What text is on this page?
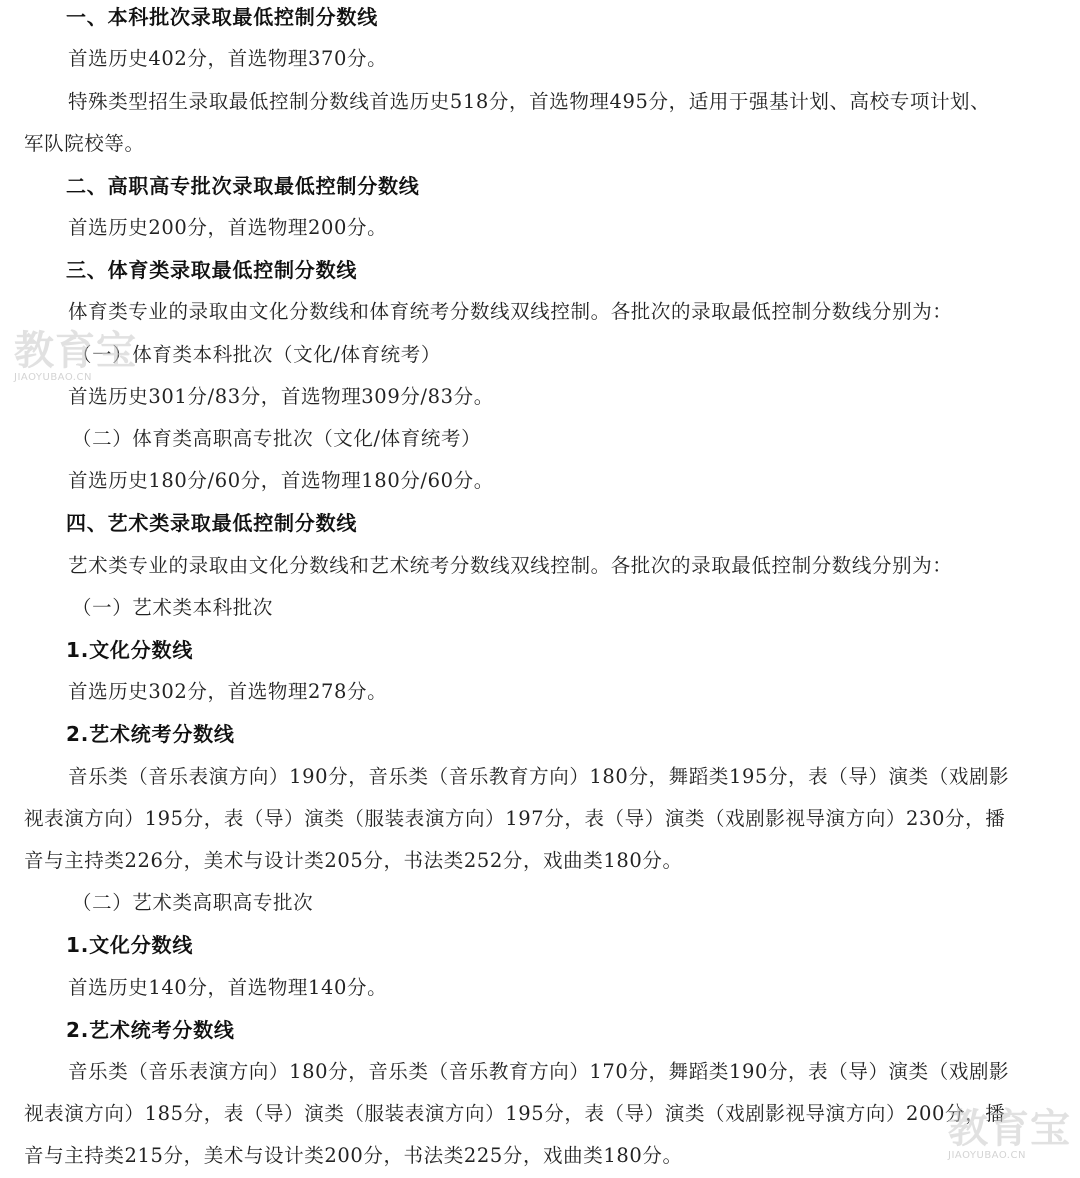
一、本科批次录取最低控制分数线
首选历史402分，首选物理370分。
特殊类型招生录取最低控制分数线首选历史518分，首选物理495分，适用于强基计划、高校专项计划、
军队院校等。
二、高职高专批次录取最低控制分数线
首选历史200分，首选物理200分。
三、体育类录取最低控制分数线
体育类专业的录取由文化分数线和体育统考分数线双线控制。各批次的录取最低控制分数线分别为：
（一）体育类本科批次（文化/体育统考）
首选历史301分/83分，首选物理309分/83分。
（二）体育类高职高专批次（文化/体育统考）
首选历史180分/60分，首选物理180分/60分。
四、艺术类录取最低控制分数线
艺术类专业的录取由文化分数线和艺术统考分数线双线控制。各批次的录取最低控制分数线分别为：
（一）艺术类本科批次
1.文化分数线
首选历史302分，首选物理278分。
2.艺术统考分数线
音乐类（音乐表演方向）190分，音乐类（音乐教育方向）180分，舞蹈类195分，表（导）演类（戏剧影
视表演方向）195分，表（导）演类（服装表演方向）197分，表（导）演类（戏剧影视导演方向）230分，播
音与主持类226分，美术与设计类205分，书法类252分，戏曲类180分。
（二）艺术类高职高专批次
1.文化分数线
首选历史140分，首选物理140分。
2.艺术统考分数线
音乐类（音乐表演方向）180分，音乐类（音乐教育方向）170分，舞蹈类190分，表（导）演类（戏剧影
视表演方向）185分，表（导）演类（服装表演方向）195分，表（导）演类（戏剧影视导演方向）200分，播
音与主持类215分，美术与设计类200分，书法类225分，戏曲类180分。
教育宝
JIAOYUBAO.CN
教育宝
JIAOYUBAO.CN
